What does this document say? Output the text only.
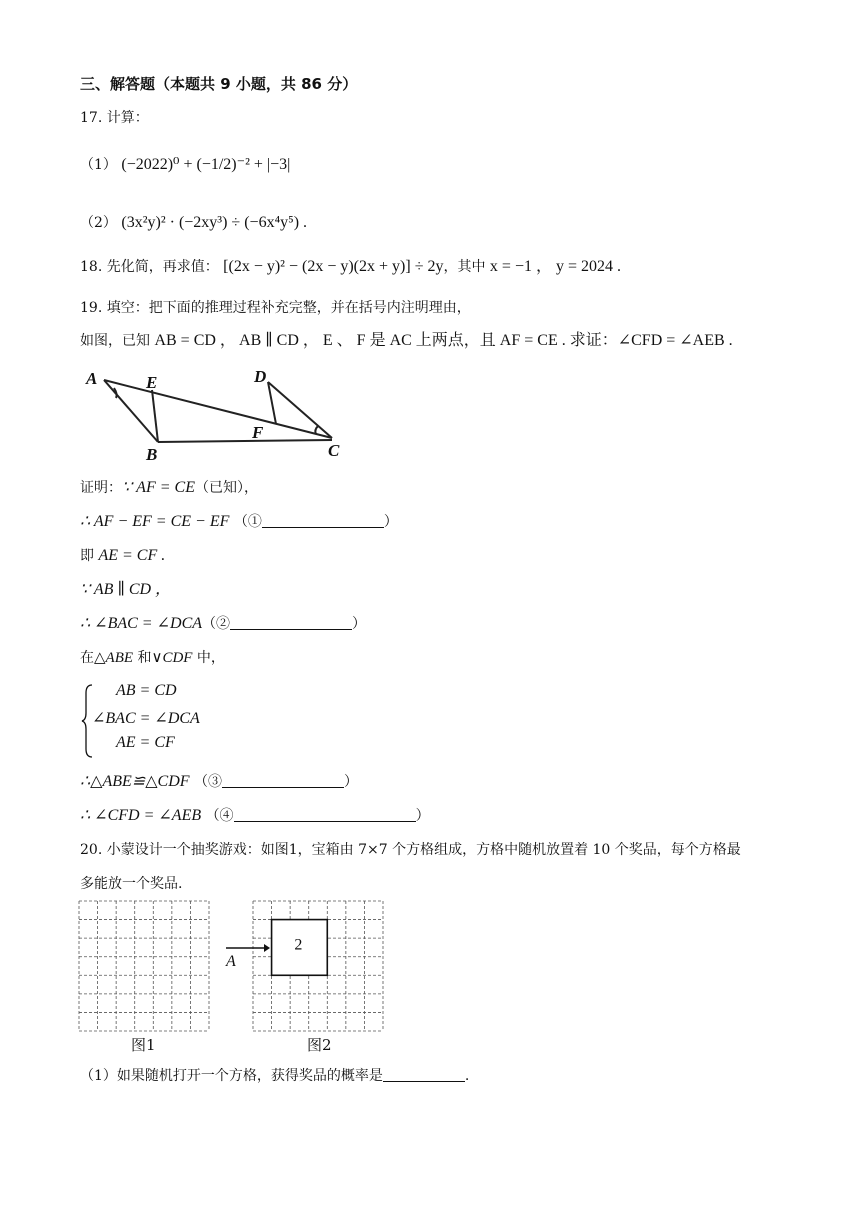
三、解答题（本题共 9 小题，共 86 分）
17. 计算：
（1） (−2022)⁰ + (−1/2)⁻² + |−3|
（2） (3x²y)² · (−2xy³) ÷ (−6x⁴y⁵) .
18. 先化简，再求值： [(2x − y)² − (2x − y)(2x + y)] ÷ 2y，其中 x = −1 ， y = 2024 .
19. 填空：把下面的推理过程补充完整，并在括号内注明理由，
如图，已知 AB = CD ， AB ∥ CD ， E 、 F 是 AC 上两点，且 AF = CE . 求证：∠CFD = ∠AEB .
A	E	D
F
B	C
证明：∵ AF = CE（已知），
∴ AF − EF = CE − EF （①	）
即 AE = CF .
∵ AB ∥ CD ，
∴ ∠BAC = ∠DCA（②	）
在△ABE 和∨CDF 中，
AB = CD
∠BAC = ∠DCA
AE = CF
∴△ABE≌△CDF （③	）
∴ ∠CFD = ∠AEB （④	）
20. 小蒙设计一个抽奖游戏：如图1，宝箱由 7×7 个方格组成，方格中随机放置着 10 个奖品，每个方格最
多能放一个奖品.
图1
2
图2
A
（1）如果随机打开一个方格，获得奖品的概率是	.
